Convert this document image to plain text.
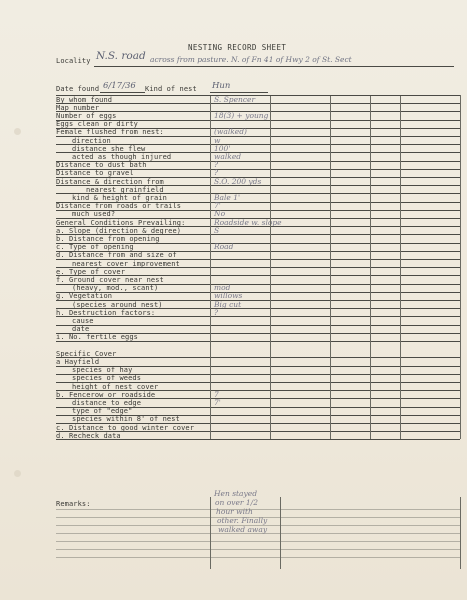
NESTING RECORD SHEET
Locality N.S. road across from pasture. N. of Fn 41 of Hwy 2 of St. Sect
Date found 6/17/36 Kind of nest Hun
By whom found	S. Spencer
Map number
Number of eggs	18(3) + young
Eggs clean or dirty
Female flushed from nest:	(walked)
direction	w
distance she flew	100'
acted as though injured	walked
Distance to dust bath	?
Distance to gravel	?
Distance & direction from	S.O. 200 yds
nearest grainfield
kind & height of grain	Bale 1'
Distance from roads or trails	7'
much used?	No
General Conditions Prevailing:	Roadside w. slope
a. Slope (direction & degree)	S
b. Distance from opening
c. Type of opening	Road
d. Distance from and size of
nearest cover improvement
e. Type of cover
f. Ground cover near nest
(heavy, mod., scant)	mod
g. Vegetation	willows
(species around nest)	Big cut
h. Destruction factors:	?
cause
date
i. No. fertile eggs
Specific Cover
a Hayfield
species of hay
species of weeds
height of nest cover
b. Fencerow or roadside	7
distance to edge	7'
type of "edge"
species within 8' of nest
c. Distance to good winter cover
d. Recheck data
Remarks:
Hen stayed
on over 1/2
hour with
other. Finally
walked away
